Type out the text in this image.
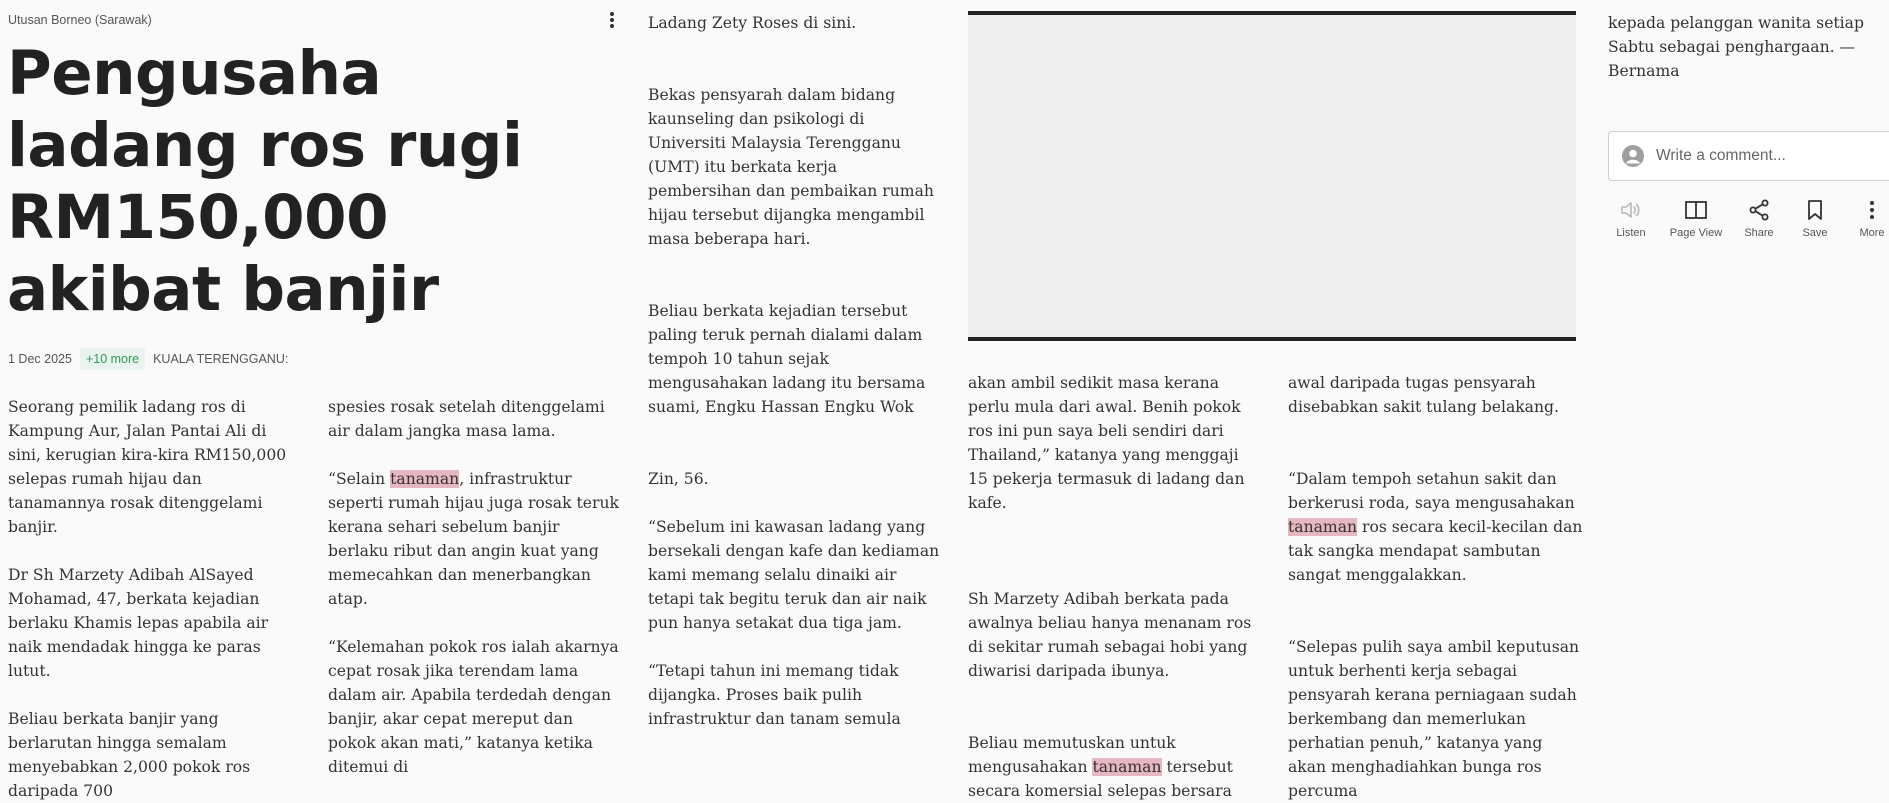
Utusan Borneo (Sarawak)

Pengusaha ladang ros rugi RM150,000 akibat banjir
1 Dec 2025	+10 more	KUALA TERENGGANU:

Seorang pemilik ladang ros di Kampung Aur, Jalan Pantai Ali di sini, kerugian kira-kira RM150,000 selepas rumah hijau dan tanamannya rosak ditenggelami banjir.

Dr Sh Marzety Adibah AlSayed Mohamad, 47, berkata kejadian berlaku Khamis lepas apabila air naik mendadak hingga ke paras lutut.

Beliau berkata banjir yang berlarutan hingga semalam menyebabkan 2,000 pokok ros daripada 700

spesies rosak setelah ditenggelami air dalam jangka masa lama.

“Selain tanaman, infrastruktur seperti rumah hijau juga rosak teruk kerana sehari sebelum banjir berlaku ribut dan angin kuat yang memecahkan dan menerbangkan atap.

“Kelemahan pokok ros ialah akarnya cepat rosak jika terendam lama dalam air. Apabila terdedah dengan banjir, akar cepat mereput dan pokok akan mati,” katanya ketika ditemui di

Ladang Zety Roses di sini.

Bekas pensyarah dalam bidang kaunseling dan psikologi di Universiti Malaysia Terengganu (UMT) itu berkata kerja pembersihan dan pembaikan rumah hijau tersebut dijangka mengambil masa beberapa hari.

Beliau berkata kejadian tersebut paling teruk pernah dialami dalam tempoh 10 tahun sejak mengusahakan ladang itu bersama suami, Engku Hassan Engku Wok

Zin, 56.

“Sebelum ini kawasan ladang yang bersekali dengan kafe dan kediaman kami memang selalu dinaiki air tetapi tak begitu teruk dan air naik pun hanya setakat dua tiga jam.

“Tetapi tahun ini memang tidak dijangka. Proses baik pulih infrastruktur dan tanam semula

akan ambil sedikit masa kerana perlu mula dari awal. Benih pokok ros ini pun saya beli sendiri dari Thailand,” katanya yang menggaji 15 pekerja termasuk di ladang dan kafe.

Sh Marzety Adibah berkata pada awalnya beliau hanya menanam ros di sekitar rumah sebagai hobi yang diwarisi daripada ibunya.

Beliau memutuskan untuk mengusahakan tanaman tersebut secara komersial selepas bersara

awal daripada tugas pensyarah disebabkan sakit tulang belakang.

“Dalam tempoh setahun sakit dan berkerusi roda, saya mengusahakan tanaman ros secara kecil-kecilan dan tak sangka mendapat sambutan sangat menggalakkan.

“Selepas pulih saya ambil keputusan untuk berhenti kerja sebagai pensyarah kerana perniagaan sudah berkembang dan memerlukan perhatian penuh,” katanya yang akan menghadiahkan bunga ros percuma

kepada pelanggan wanita setiap Sabtu sebagai penghargaan. — Bernama

Write a comment...
Listen	Page View	Share	Save	More
